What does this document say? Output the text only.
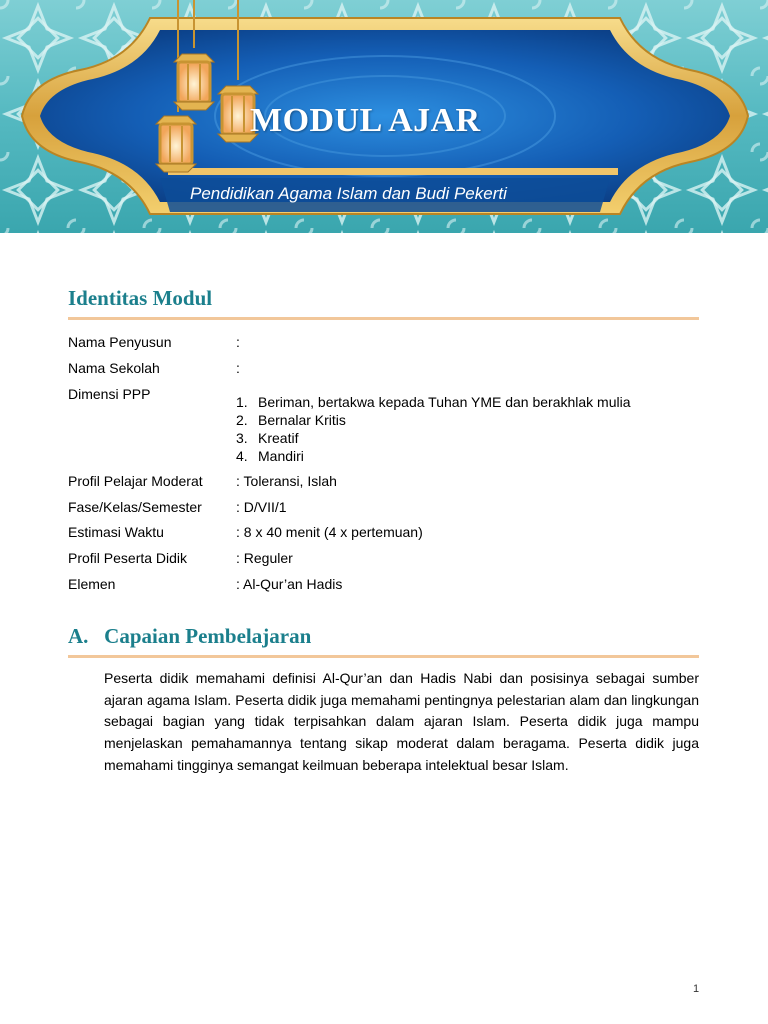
MODUL AJAR
Pendidikan Agama Islam dan Budi Pekerti
Identitas Modul
Nama Penyusun	:
Nama Sekolah	:
Dimensi PPP	1. Beriman, bertakwa kepada Tuhan YME dan berakhlak mulia
2. Bernalar Kritis
3. Kreatif
4. Mandiri
Profil Pelajar Moderat	: Toleransi, Islah
Fase/Kelas/Semester	: D/VII/1
Estimasi Waktu	: 8 x 40 menit (4 x pertemuan)
Profil Peserta Didik	: Reguler
Elemen	: Al-Qur’an Hadis
A.   Capaian Pembelajaran

Peserta didik memahami definisi Al-Qur’an dan Hadis Nabi dan posisinya sebagai sumber ajaran agama Islam. Peserta didik juga memahami pentingnya pelestarian alam dan lingkungan sebagai bagian yang tidak terpisahkan dalam ajaran Islam. Peserta didik juga mampu menjelaskan pemahamannya tentang sikap moderat dalam beragama. Peserta didik juga memahami tingginya semangat keilmuan beberapa intelektual besar Islam.

1
